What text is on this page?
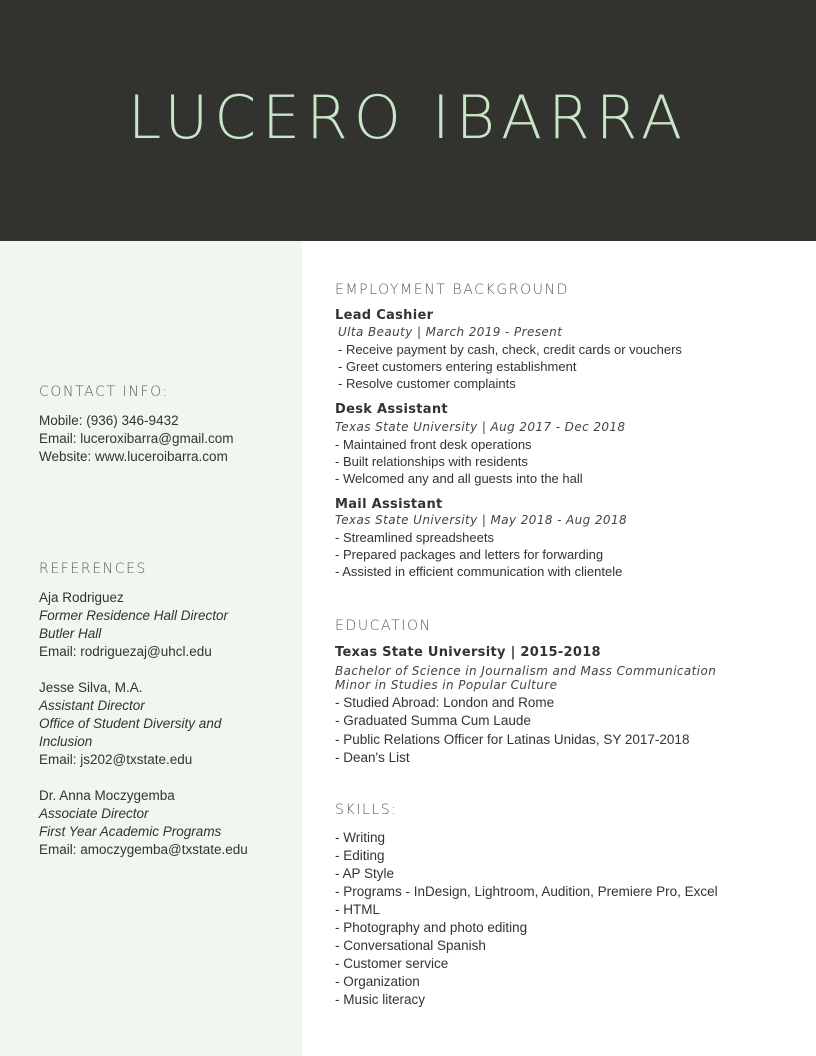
LUCERO IBARRA
CONTACT INFO:
Mobile: (936) 346-9432
Email: luceroxibarra@gmail.com
Website: www.luceroibarra.com
REFERENCES
Aja Rodriguez
Former Residence Hall Director
Butler Hall
Email: rodriguezaj@uhcl.edu
Jesse Silva, M.A.
Assistant Director
Office of Student Diversity and
Inclusion
Email: js202@txstate.edu
Dr. Anna Moczygemba
Associate Director
First Year Academic Programs
Email: amoczygemba@txstate.edu
EMPLOYMENT BACKGROUND
Lead Cashier
Ulta Beauty | March 2019 - Present
- Receive payment by cash, check, credit cards or vouchers
- Greet customers entering establishment
- Resolve customer complaints
Desk Assistant
Texas State University | Aug 2017 - Dec 2018
- Maintained front desk operations
- Built relationships with residents
- Welcomed any and all guests into the hall
Mail Assistant
Texas State University | May 2018 - Aug 2018
- Streamlined spreadsheets
- Prepared packages and letters for forwarding
- Assisted in efficient communication with clientele
EDUCATION
Texas State University | 2015-2018
Bachelor of Science in Journalism and Mass Communication
Minor in Studies in Popular Culture
- Studied Abroad: London and Rome
- Graduated Summa Cum Laude
- Public Relations Officer for Latinas Unidas, SY 2017-2018
- Dean's List
SKILLS:
- Writing
- Editing
- AP Style
- Programs - InDesign, Lightroom, Audition, Premiere Pro, Excel
- HTML
- Photography and photo editing
- Conversational Spanish
- Customer service
- Organization
- Music literacy
